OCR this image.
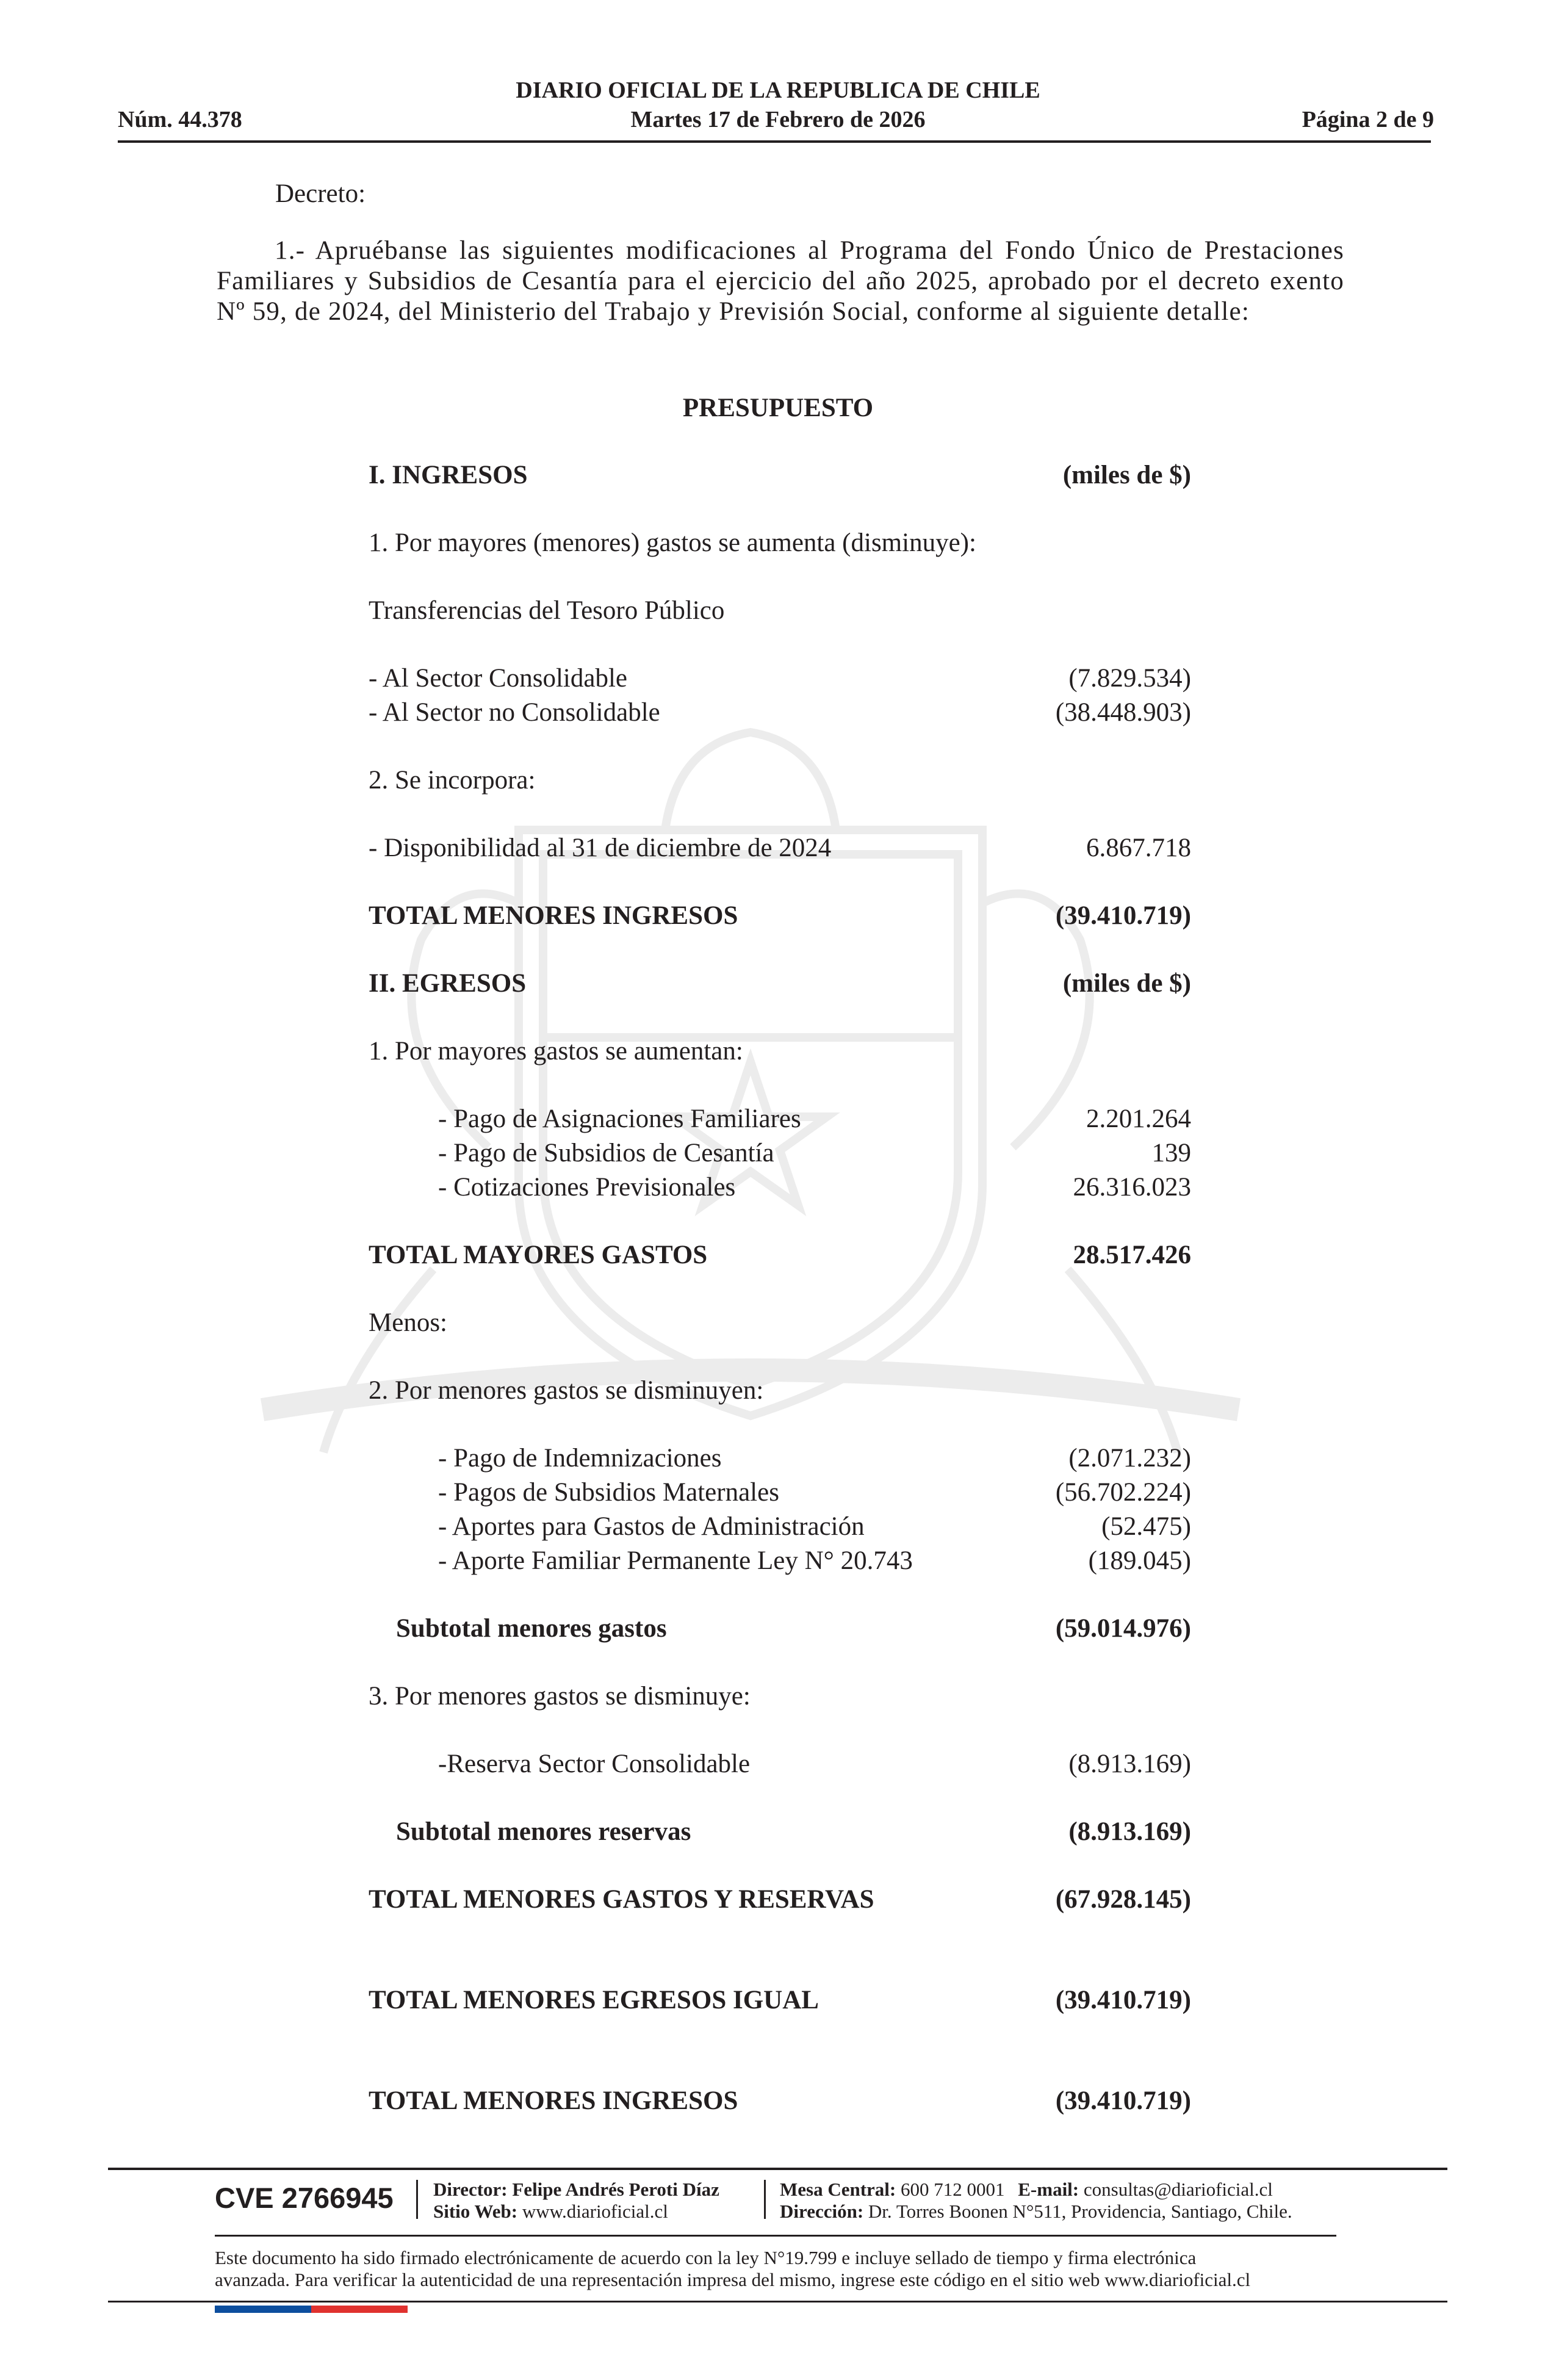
DIARIO OFICIAL DE LA REPUBLICA DE CHILE
Núm. 44.378	Martes 17 de Febrero de 2026	Página 2 de 9
Decreto:
1.- Apruébanse las siguientes modificaciones al Programa del Fondo Único de Prestaciones Familiares y Subsidios de Cesantía para el ejercicio del año 2025, aprobado por el decreto exento Nº 59, de 2024, del Ministerio del Trabajo y Previsión Social, conforme al siguiente detalle:
PRESUPUESTO
I. INGRESOS	(miles de $)
1. Por mayores (menores) gastos se aumenta (disminuye):
Transferencias del Tesoro Público
- Al Sector Consolidable	(7.829.534)
- Al Sector no Consolidable	(38.448.903)
2. Se incorpora:
- Disponibilidad al 31 de diciembre de 2024	6.867.718
TOTAL MENORES INGRESOS	(39.410.719)
II. EGRESOS	(miles de $)
1. Por mayores gastos se aumentan:
- Pago de Asignaciones Familiares	2.201.264
- Pago de Subsidios de Cesantía	139
- Cotizaciones Previsionales	26.316.023
TOTAL MAYORES GASTOS	28.517.426
Menos:
2. Por menores gastos se disminuyen:
- Pago de Indemnizaciones	(2.071.232)
- Pagos de Subsidios Maternales	(56.702.224)
- Aportes para Gastos de Administración	(52.475)
- Aporte Familiar Permanente Ley N° 20.743	(189.045)
Subtotal menores gastos	(59.014.976)
3. Por menores gastos se disminuye:
-Reserva Sector Consolidable	(8.913.169)
Subtotal menores reservas	(8.913.169)
TOTAL MENORES GASTOS Y RESERVAS	(67.928.145)
TOTAL MENORES EGRESOS IGUAL	(39.410.719)
TOTAL MENORES INGRESOS	(39.410.719)
CVE 2766945 Director: Felipe Andrés Peroti Díaz
Sitio Web: www.diarioficial.cl
Mesa Central: 600 712 0001 E-mail: consultas@diarioficial.cl
Dirección: Dr. Torres Boonen N°511, Providencia, Santiago, Chile.
Este documento ha sido firmado electrónicamente de acuerdo con la ley N°19.799 e incluye sellado de tiempo y firma electrónica
avanzada. Para verificar la autenticidad de una representación impresa del mismo, ingrese este código en el sitio web www.diarioficial.cl
